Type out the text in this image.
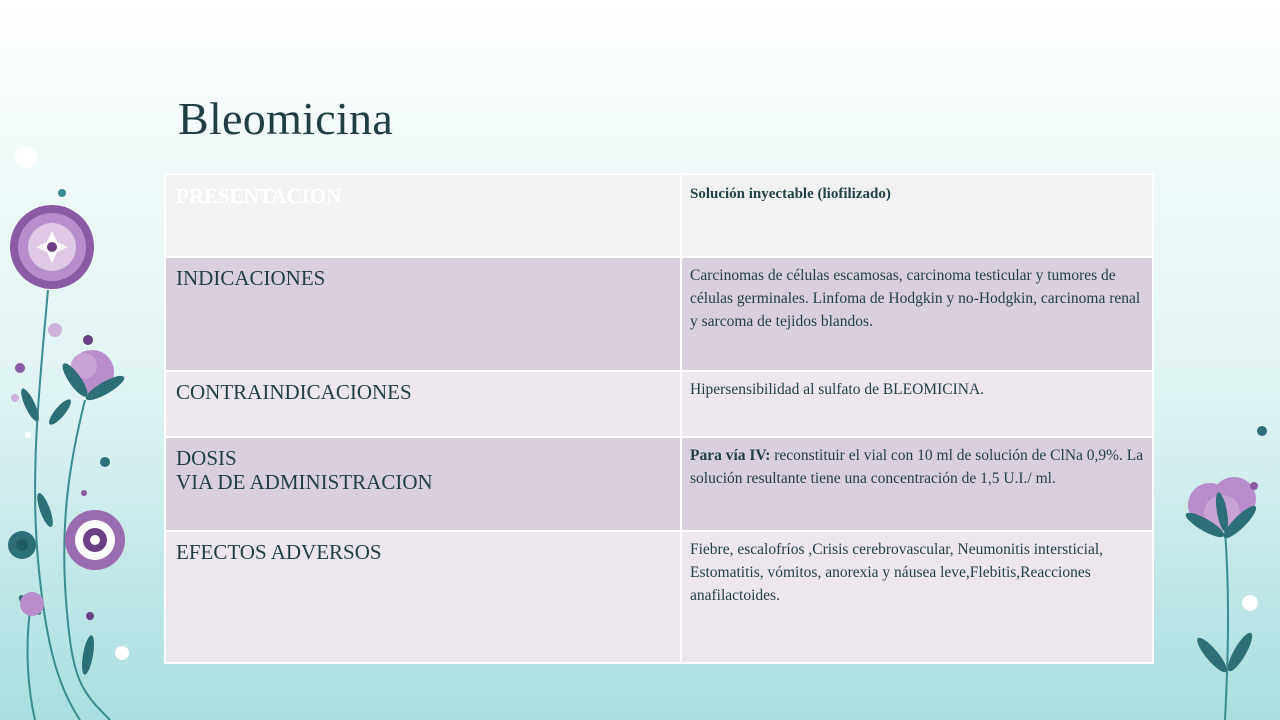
Bleomicina
PRESENTACION	Solución inyectable (liofilizado)
INDICACIONES	Carcinomas de células escamosas, carcinoma testicular y tumores de células germinales. Linfoma de Hodgkin y no-Hodgkin, carcinoma renal y sarcoma de tejidos blandos.
CONTRAINDICACIONES	Hipersensibilidad al sulfato de BLEOMICINA.

DOSIS
VIA DE ADMINISTRACION	Para vía IV: reconstituir el vial con 10 ml de solución de ClNa 0,9%. La solución resultante tiene una concentración de 1,5 U.I./ ml.
EFECTOS ADVERSOS	Fiebre, escalofríos ,Crisis cerebrovascular, Neumonitis intersticial, Estomatitis, vómitos, anorexia y náusea leve,Flebitis,Reacciones anafilactoides.
